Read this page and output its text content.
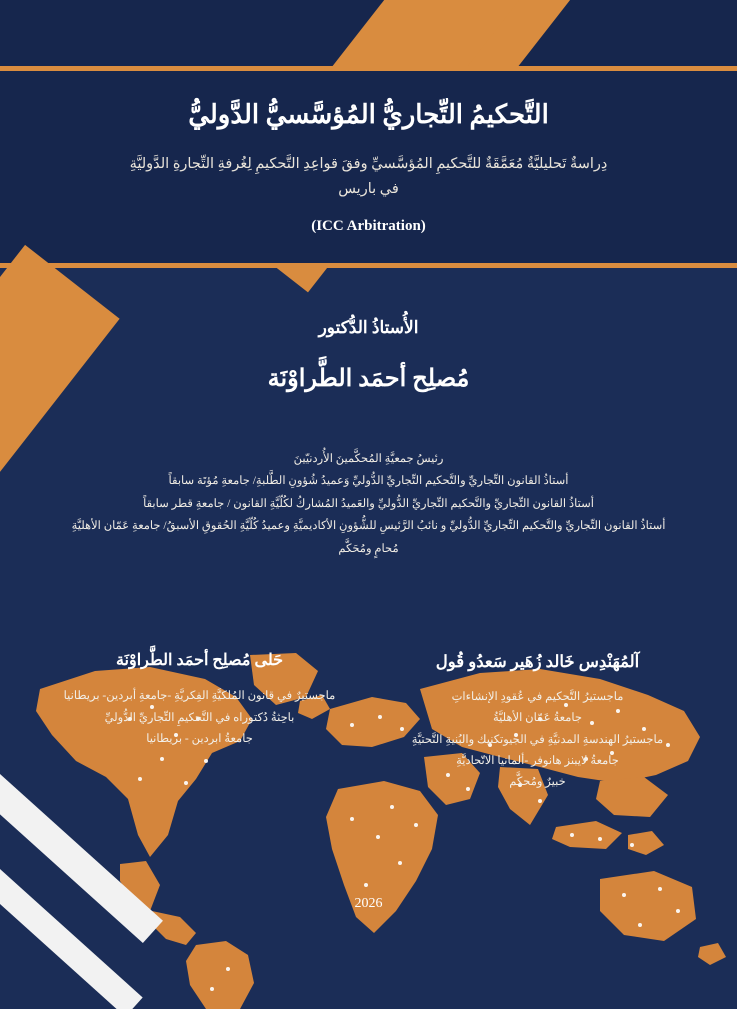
التَّحكيمُ التِّجاريُّ المُؤسَّسيُّ الدَّوليُّ
دِراسةٌ تَحليليَّةٌ مُعَمَّقَةٌ للتَّحكيمِ المُؤسَّسيِّ وفقَ قواعِدِ التَّحكيمِ لِغُرفةِ التِّجارةِ الدَّوليَّةِ
في باريس
(ICC Arbitration)
الأُستاذُ الدُّكتور
مُصلِح أحمَد الطَّراوْنَة
رئيسُ جمعيَّةِ المُحكَّمينَ الأُردنيّينَ
أستاذُ القانون التِّجاريِّ والتَّحكيم التِّجاريِّ الدُّوليِّ وَعميدُ شُؤونِ الطَّلبةِ/ جامعةِ مُؤتَة سابقاً
أستاذُ القانون التِّجاريِّ والتَّحكيم التِّجاريِّ الدُّوليِّ والعَميدُ المُشاركُ لكُلّيَّةِ القانون / جامعةِ قطر سابقاً
أستاذُ القانون التِّجاريِّ والتَّحكيم التِّجاريِّ الدُّوليِّ و نائبُ الرَّئيسِ للشُّؤونِ الأكاديميَّةِ وعميدُ كُلّيَّةِ الحُقوقِ الأسبقُ/ جامعةِ عَمّان الأهليَّةِ
مُحامٍ ومُحَكَّم
آلمُهَنْدِس خَالد زُهَير سَعدُو قُول
ماجستيرُ التَّحكيم في عُقودِ الإنشاءاتِ
جامعةُ عَمّان الأهليَّةُ
ماجستيرُ الهندسةِ المدنيَّةِ في الجيوتكنيك والبُنيةِ التَّحتيَّةِ
جامعةُ لايبنز هانوفر -ألمانيا الاتّحاديَّةِ
خبيرٌ ومُحكَّم
حَلى مُصلِح أحمَد الطَّراوْنَة
ماجستيرٌ في قانون المُلكيَّةِ الفِكريَّةِ -جامعةِ أبردين- بريطانيا
باحِثةُ دُكتوراه في التَّحكيمِ التِّجاريِّ الدُّوليِّ
جامعةُ ابردين - بريطانيا
2026
